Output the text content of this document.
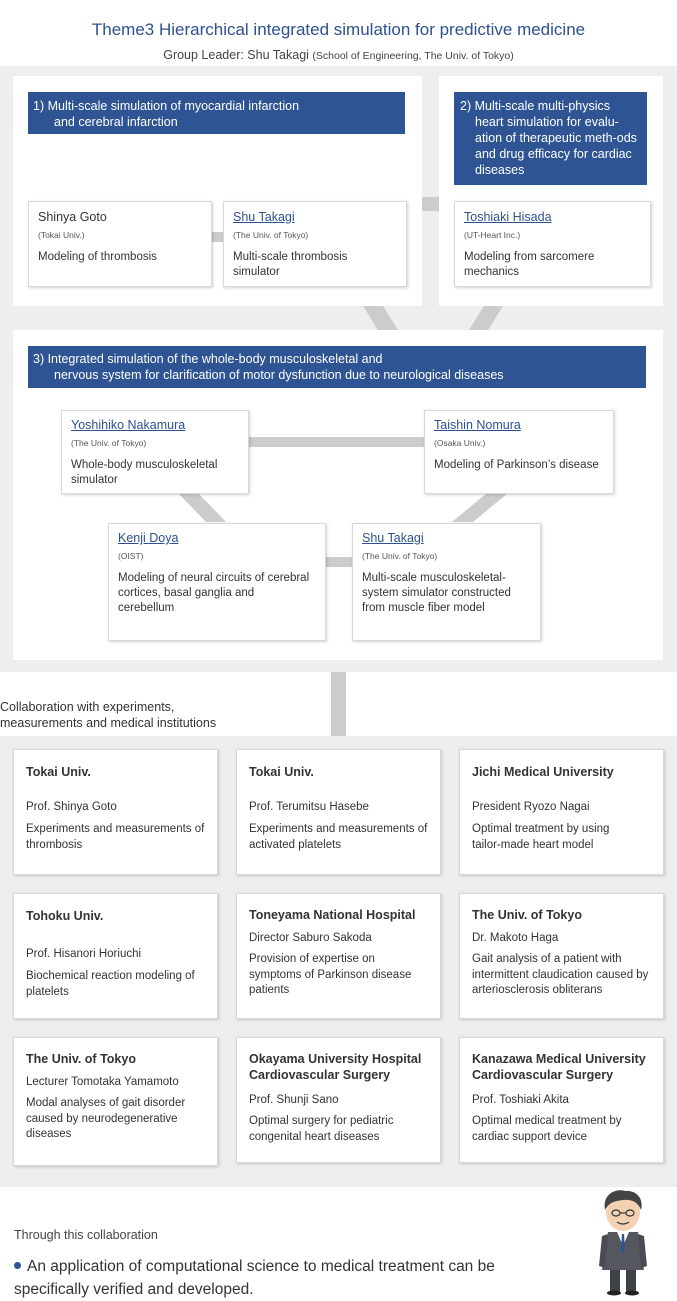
Theme3 Hierarchical integrated simulation for predictive medicine
Group Leader: Shu Takagi (School of Engineering, The Univ. of Tokyo)
1) Multi-scale simulation of myocardial infarction
and cerebral infarction
Shinya Goto
(Tokai Univ.)
Modeling of thrombosis
Shu Takagi
(The Univ. of Tokyo)
Multi-scale thrombosis simulator
2) Multi-scale multi-physics
heart simulation for evalu-ation of therapeutic meth-ods and drug efficacy for cardiac diseases
Toshiaki Hisada
(UT-Heart Inc.)
Modeling from sarcomere mechanics
3) Integrated simulation of the whole-body musculoskeletal and
nervous system for clarification of motor dysfunction due to neurological diseases
Yoshihiko Nakamura
(The Univ. of Tokyo)
Whole-body musculoskeletal simulator
Taishin Nomura
(Osaka Univ.)
Modeling of Parkinson’s disease
Kenji Doya
(OIST)
Modeling of neural circuits of cerebral cortices, basal ganglia and cerebellum
Shu Takagi
(The Univ. of Tokyo)
Multi-scale musculoskeletal-system simulator constructed from muscle fiber model
Collaboration with experiments,
measurements and medical institutions
Tokai Univ.
Prof. Shinya Goto
Experiments and measurements of thrombosis
Tokai Univ.
Prof. Terumitsu Hasebe
Experiments and measurements of activated platelets
Jichi Medical University
President Ryozo Nagai
Optimal treatment by using tailor-made heart model
Tohoku Univ.
Prof. Hisanori Horiuchi
Biochemical reaction modeling of platelets
Toneyama National Hospital
Director Saburo Sakoda
Provision of expertise on symptoms of Parkinson disease patients
The Univ. of Tokyo
Dr. Makoto Haga
Gait analysis of a patient with intermittent claudication caused by arteriosclerosis obliterans
The Univ. of Tokyo
Lecturer Tomotaka Yamamoto
Modal analyses of gait disorder caused by neurodegenerative diseases
Okayama University Hospital Cardiovascular Surgery
Prof. Shunji Sano
Optimal surgery for pediatric congenital heart diseases
Kanazawa Medical University Cardiovascular Surgery
Prof. Toshiaki Akita
Optimal medical treatment by cardiac support device
Through this collaboration
An application of computational science to medical treatment can be specifically verified and developed.
